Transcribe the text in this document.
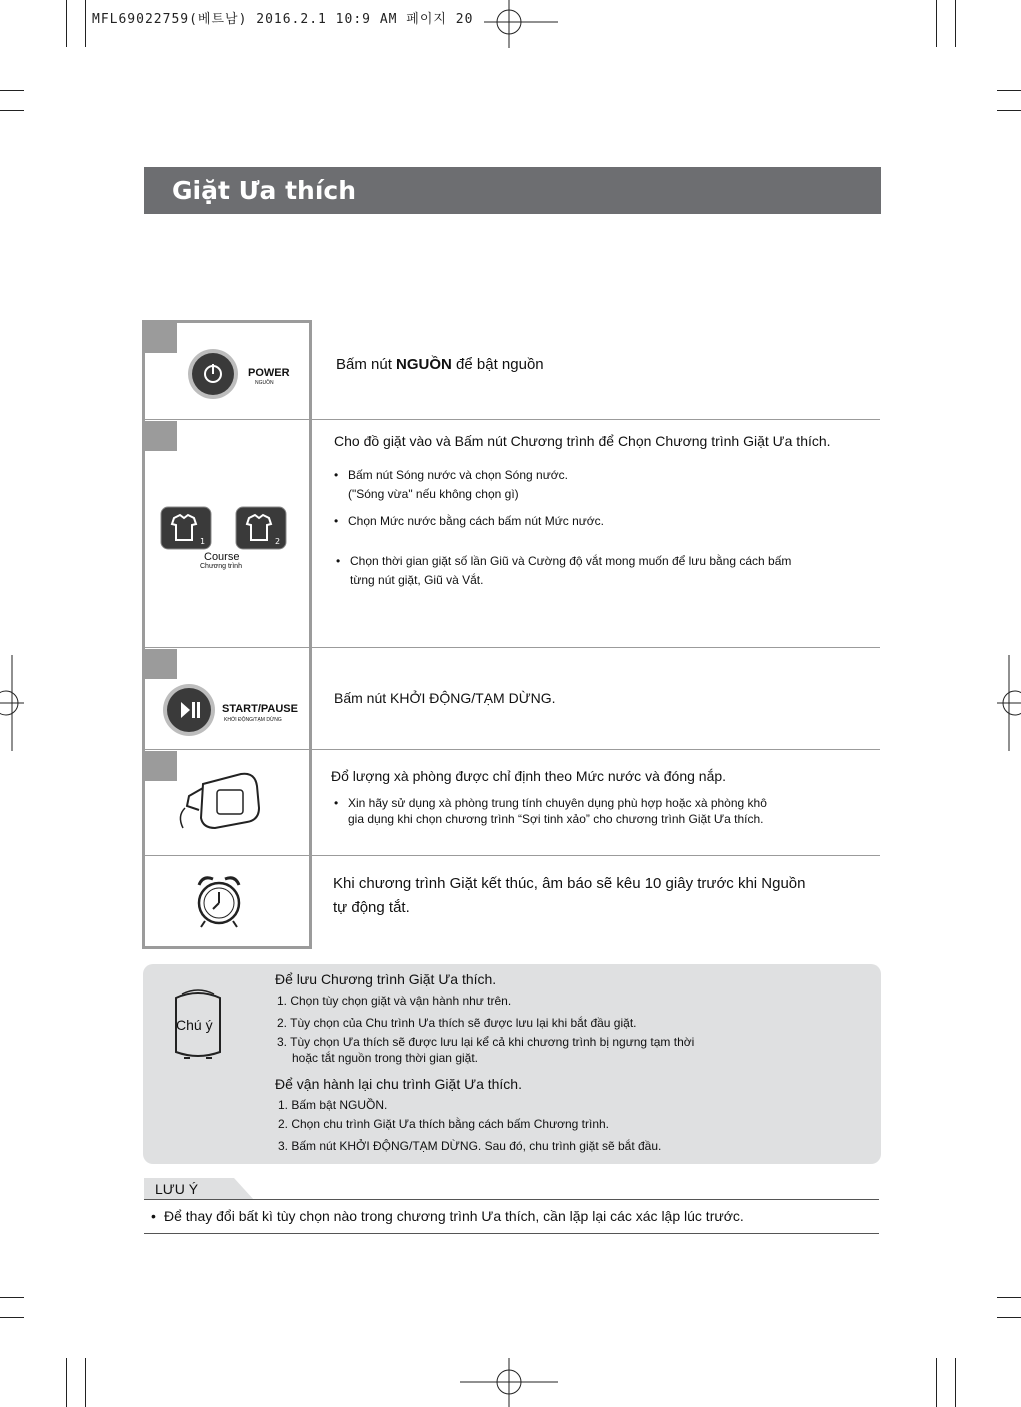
MFL69022759(베트남) 2016.2.1 10:9 AM 페이지 20
Giặt Ưa thích
POWER
NGUỒN
Bấm nút NGUỒN để bật nguồn
1	2
Course
Chương trình
Cho đồ giặt vào và Bấm nút Chương trình để Chọn Chương trình Giặt Ưa thích.
• Bấm nút Sóng nước và chọn Sóng nước.
("Sóng vừa" nếu không chọn gì)
• Chọn Mức nước bằng cách bấm nút Mức nước.
• Chọn thời gian giặt số lần Giũ và Cường độ vắt mong muốn để lưu bằng cách bấm
từng nút giặt, Giũ và Vắt.
START/PAUSE
KHỞI ĐỘNG/TẠM DỪNG
Bấm nút KHỞI ĐỘNG/TẠM DỪNG.
Đổ lượng xà phòng được chỉ định theo Mức nước và đóng nắp.
• Xin hãy sử dụng xà phòng trung tính chuyên dụng phù hợp hoặc xà phòng khô
gia dụng khi chọn chương trình “Sợi tinh xảo” cho chương trình Giặt Ưa thích.
Khi chương trình Giặt kết thúc, âm báo sẽ kêu 10 giây trước khi Nguồn
tự động tắt.
Chú ý
Để lưu Chương trình Giặt Ưa thích.
1. Chọn tùy chọn giặt và vận hành như trên.
2. Tùy chọn của Chu trình Ưa thích sẽ được lưu lại khi bắt đầu giặt.
3. Tùy chọn Ưa thích sẽ được lưu lại kể cả khi chương trình bị ngưng tạm thời
hoặc tắt nguồn trong thời gian giặt.
Để vận hành lại chu trình Giặt Ưa thích.
1. Bấm bật NGUỒN.
2. Chọn chu trình Giặt Ưa thích bằng cách bấm Chương trình.
3. Bấm nút KHỞI ĐỘNG/TẠM DỪNG. Sau đó, chu trình giặt sẽ bắt đầu.
LƯU Ý
• Để thay đổi bất kì tùy chọn nào trong chương trình Ưa thích, cần lặp lại các xác lập lúc trước.
